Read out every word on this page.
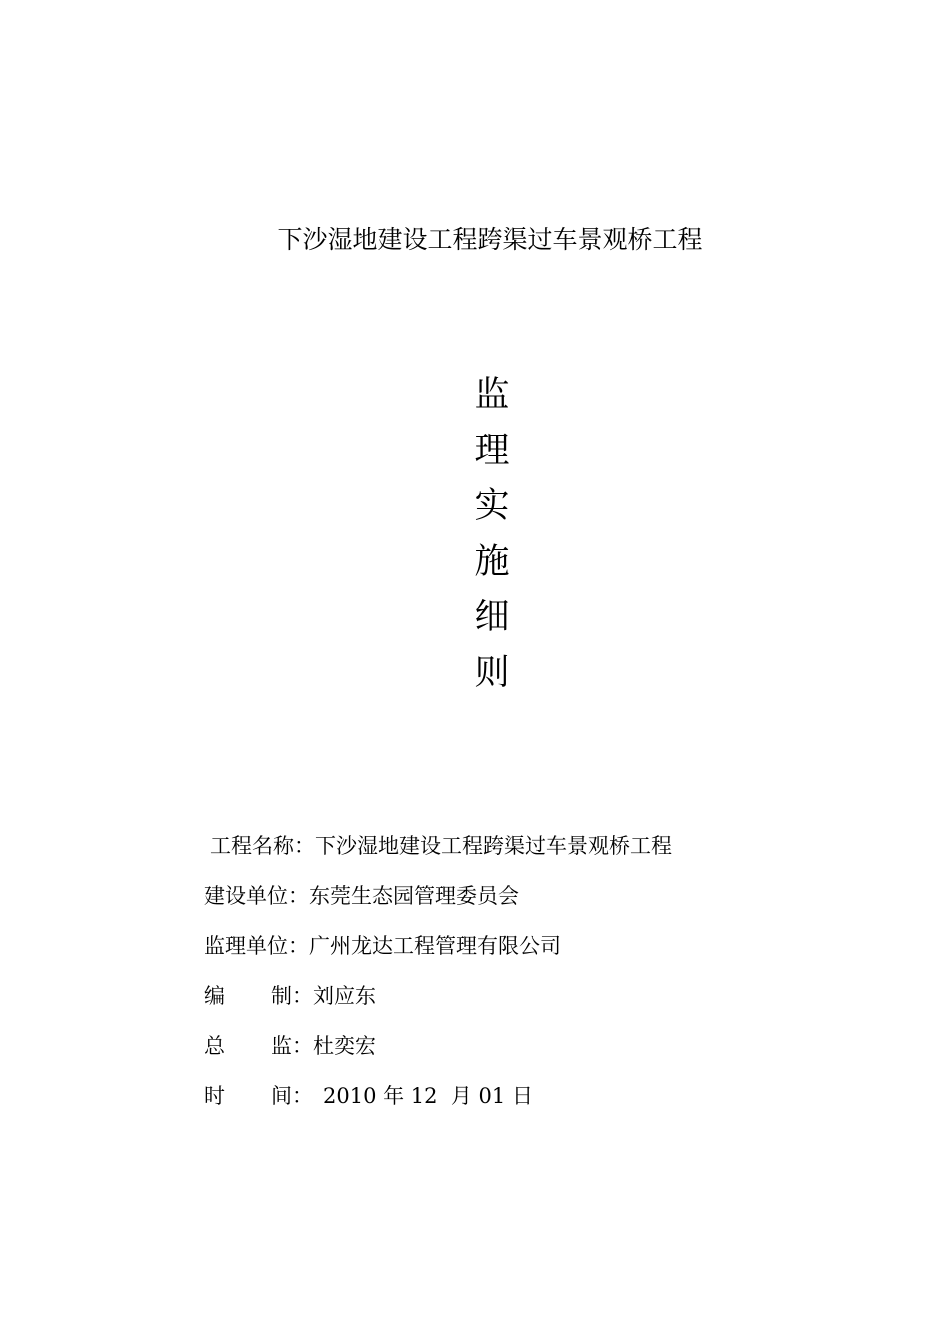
下沙湿地建设工程跨渠过车景观桥工程
监
理
实
施
细
则
工程名称 ： 下沙湿地建设工程跨渠过车景观桥工程
建设单位 ： 东莞生态园管理委员会
监理单位 ： 广州龙达工程管理有限公司
编 制 ： 刘应东
总 监 ： 杜奕宏
时 间 ： 2010 年 12  月 01 日
